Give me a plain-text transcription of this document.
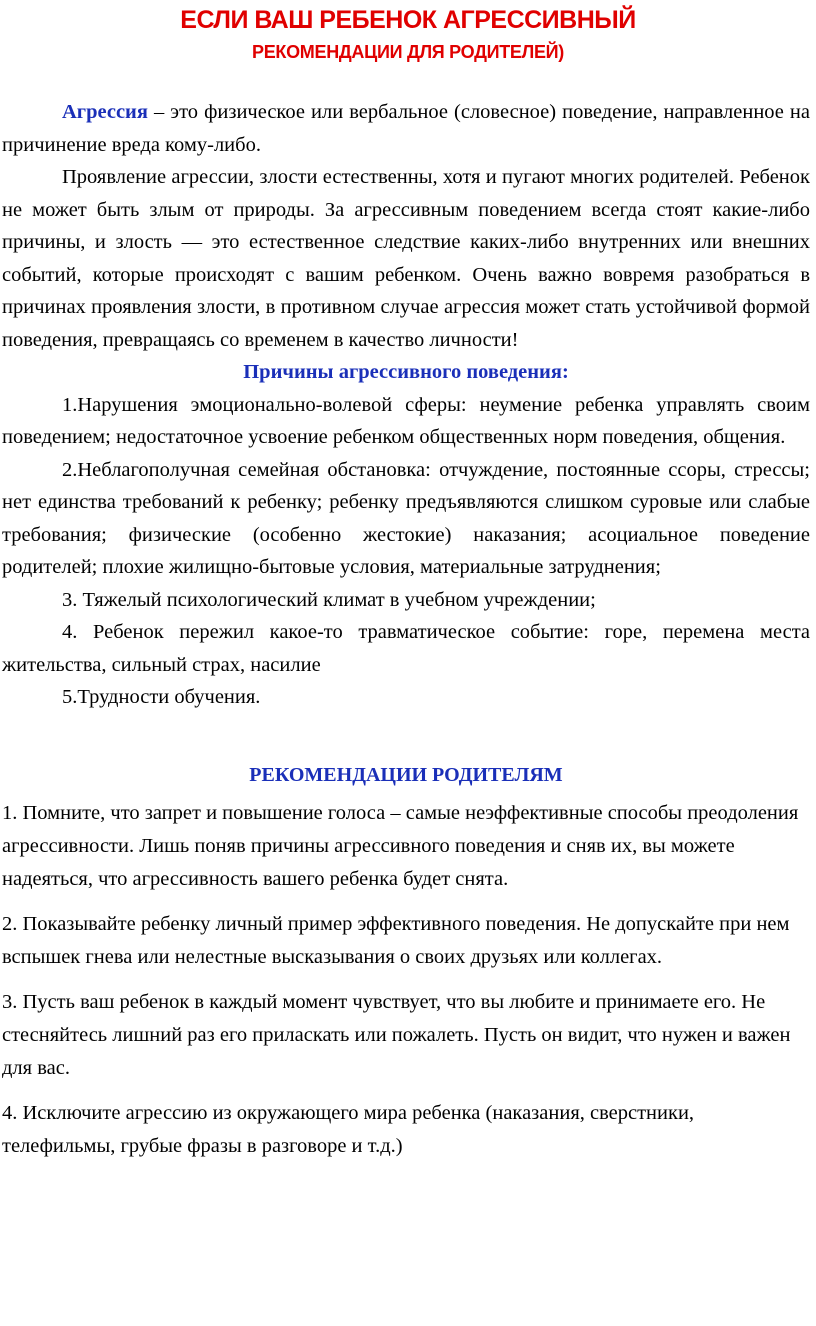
ЕСЛИ ВАШ РЕБЕНОК АГРЕССИВНЫЙ
РЕКОМЕНДАЦИИ ДЛЯ РОДИТЕЛЕЙ)

Агрессия – это физическое или вербальное (словесное) поведение, направленное на причинение вреда кому-либо.

Проявление агрессии, злости естественны, хотя и пугают многих родителей. Ребенок не может быть злым от природы. За агрессивным поведением всегда стоят какие-либо причины, и злость — это естественное следствие каких-либо внутренних или внешних событий, которые происходят с вашим ребенком. Очень важно вовремя разобраться в причинах проявления злости, в противном случае агрессия может стать устойчивой формой поведения, превращаясь со временем в качество личности!

Причины агрессивного поведения:

1.Нарушения эмоционально-волевой сферы: неумение ребенка управлять своим поведением; недостаточное усвоение ребенком общественных норм поведения, общения.

2.Неблагополучная семейная обстановка: отчуждение, постоянные ссоры, стрессы; нет единства требований к ребенку; ребенку предъявляются слишком суровые или слабые требования; физические (особенно жестокие) наказания; асоциальное поведение родителей; плохие жилищно-бытовые условия, материальные затруднения;

3. Тяжелый психологический климат в учебном учреждении;

4. Ребенок пережил какое-то травматическое событие: горе, перемена места жительства, сильный страх, насилие

5.Трудности обучения.

РЕКОМЕНДАЦИИ РОДИТЕЛЯМ

1. Помните, что запрет и повышение голоса – самые неэффективные способы преодоления агрессивности. Лишь поняв причины агрессивного поведения и сняв их, вы можете надеяться, что агрессивность вашего ребенка будет снята.

2. Показывайте ребенку личный пример эффективного поведения. Не допускайте при нем вспышек гнева или нелестные высказывания о своих друзьях или коллегах.

3. Пусть ваш ребенок в каждый момент чувствует, что вы любите и принимаете его. Не стесняйтесь лишний раз его приласкать или пожалеть. Пусть он видит, что нужен и важен для вас.

4. Исключите агрессию из окружающего мира ребенка (наказания, сверстники, телефильмы, грубые фразы в разговоре и т.д.)
